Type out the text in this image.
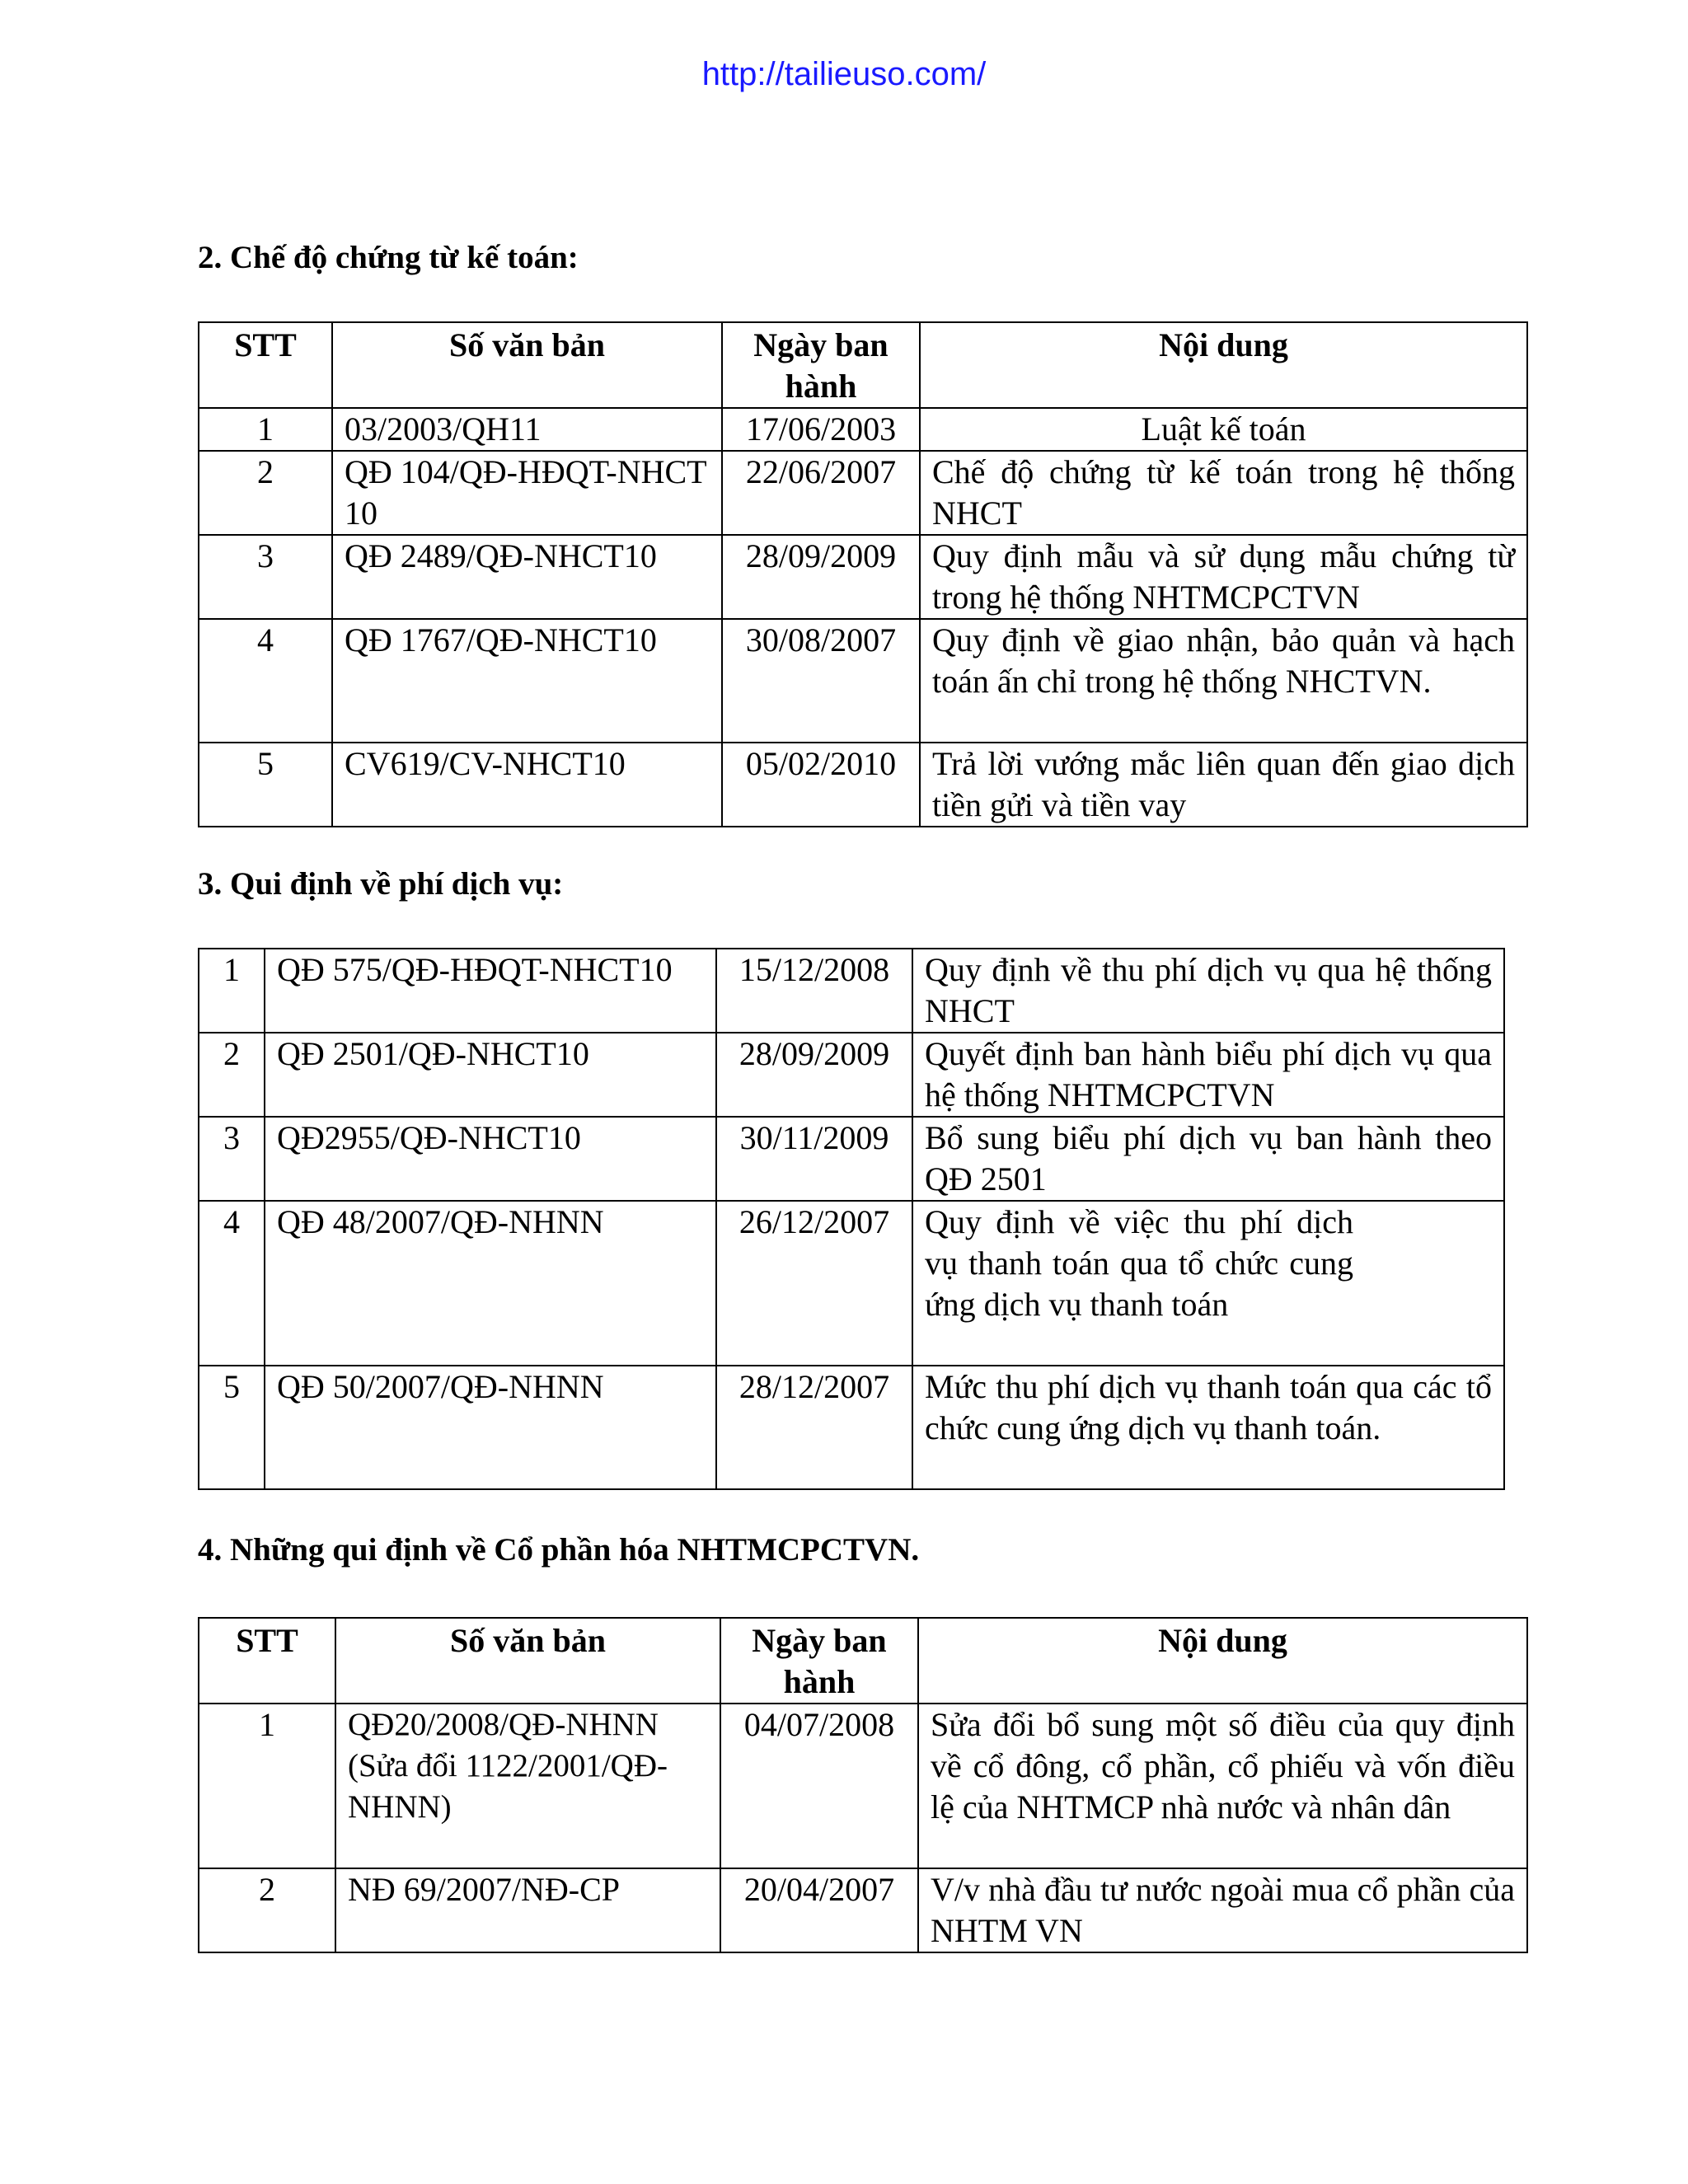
http://tailieuso.com/
2. Chế độ chứng từ kế toán:
STT	Số văn bản	Ngày ban hành	Nội dung
1	03/2003/QH11	17/06/2003	Luật kế toán
2	QĐ 104/QĐ-HĐQT-NHCT 10	22/06/2007	Chế độ chứng từ kế toán trong hệ thống NHCT
3	QĐ 2489/QĐ-NHCT10	28/09/2009	Quy định mẫu và sử dụng mẫu chứng từ trong hệ thống NHTMCPCTVN
4	QĐ 1767/QĐ-NHCT10	30/08/2007	Quy định về giao nhận, bảo quản và hạch toán ấn chỉ trong hệ thống NHCTVN.
5	CV619/CV-NHCT10	05/02/2010	Trả lời vướng mắc liên quan đến giao dịch tiền gửi và tiền vay
3. Qui định về phí dịch vụ:
1	QĐ 575/QĐ-HĐQT-NHCT10	15/12/2008	Quy định về thu phí dịch vụ qua hệ thống NHCT
2	QĐ 2501/QĐ-NHCT10	28/09/2009	Quyết định ban hành biểu phí dịch vụ qua hệ thống NHTMCPCTVN
3	QĐ2955/QĐ-NHCT10	30/11/2009	Bổ sung biểu phí dịch vụ ban hành theo QĐ 2501
4	QĐ 48/2007/QĐ-NHNN	26/12/2007	Quy định về việc thu phí dịch vụ thanh toán qua tổ chức cung ứng dịch vụ thanh toán

5	QĐ 50/2007/QĐ-NHNN	28/12/2007	Mức thu phí dịch vụ thanh toán qua các tổ chức cung ứng dịch vụ thanh toán.
4. Những qui định về Cổ phần hóa NHTMCPCTVN.
STT	Số văn bản	Ngày ban hành	Nội dung
1	QĐ20/2008/QĐ-NHNN (Sửa đổi 1122/2001/QĐ-NHNN)	04/07/2008	Sửa đổi bổ sung một số điều của quy định về cổ đông, cổ phần, cổ phiếu và vốn điều lệ của NHTMCP nhà nước và nhân dân
2	NĐ 69/2007/NĐ-CP	20/04/2007	V/v nhà đầu tư nước ngoài mua cổ phần của NHTM VN
